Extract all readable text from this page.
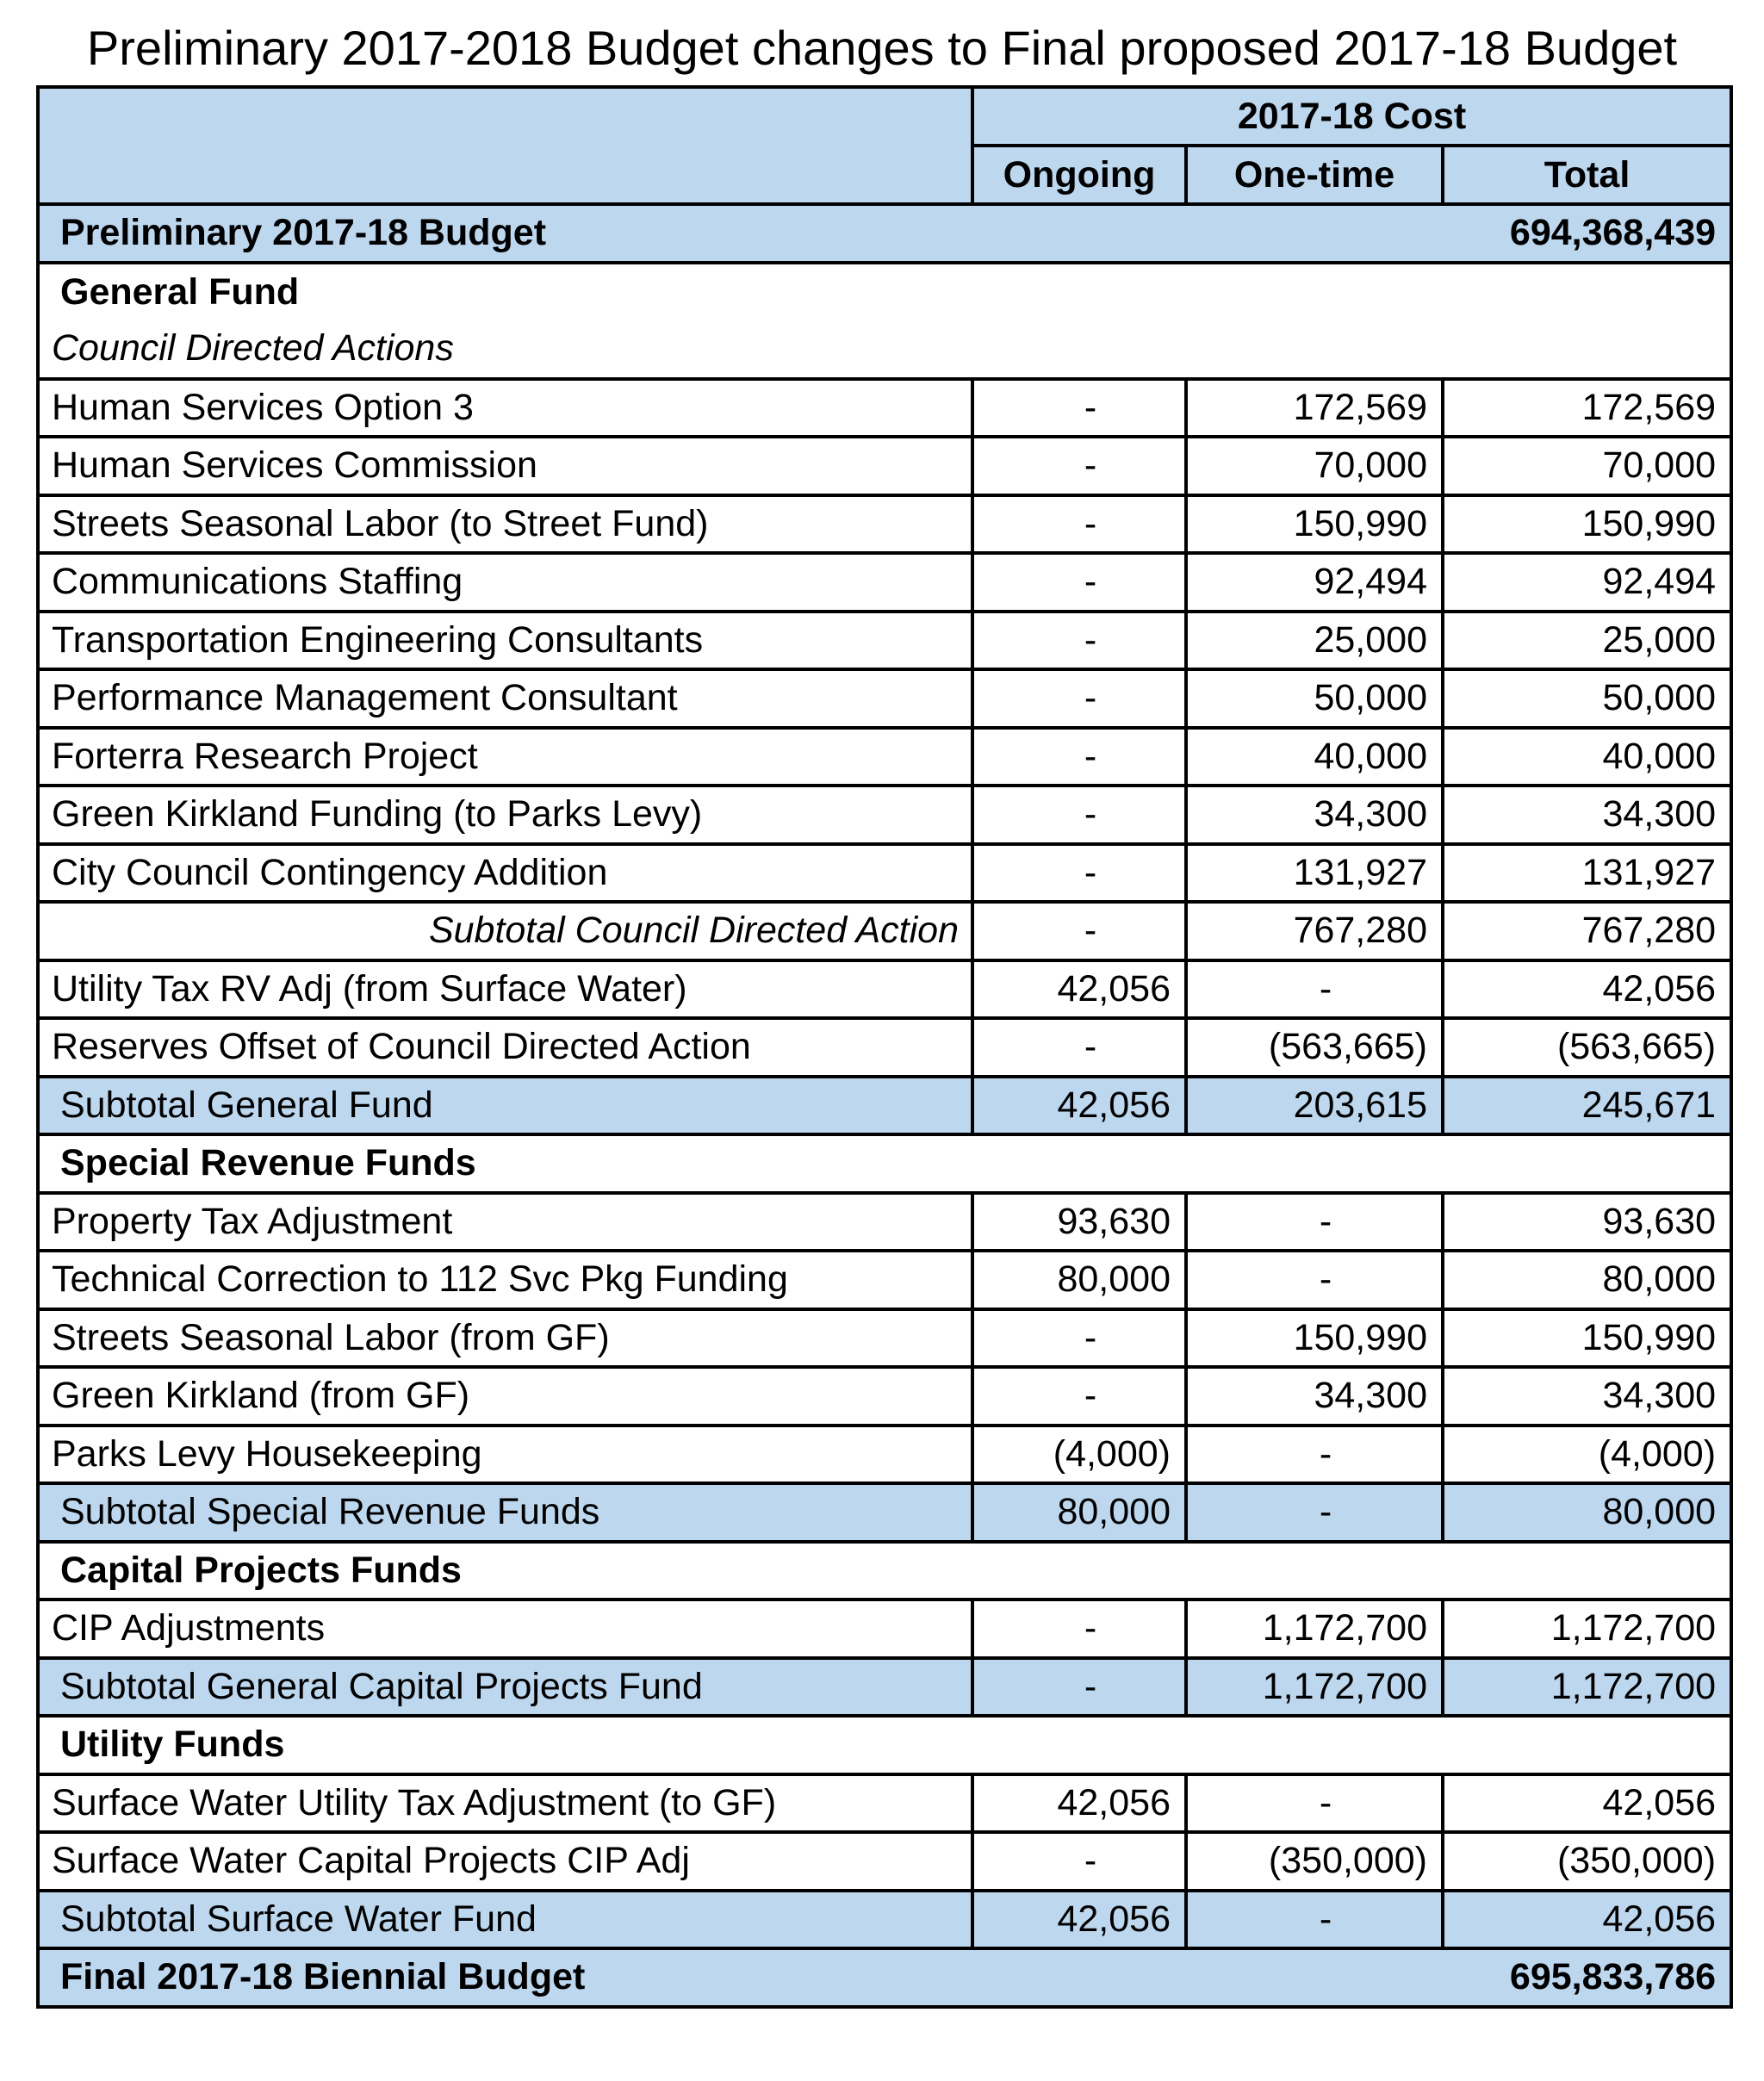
Preliminary 2017-2018 Budget changes to Final proposed 2017-18 Budget
	2017-18 Cost		
	Ongoing	One-time	Total
Preliminary 2017-18 Budget			694,368,439
General Fund			
Council Directed Actions			
Human Services Option 3	-	172,569	172,569
Human Services Commission	-	70,000	70,000
Streets Seasonal Labor (to Street Fund)	-	150,990	150,990
Communications Staffing	-	92,494	92,494
Transportation Engineering Consultants	-	25,000	25,000
Performance Management Consultant	-	50,000	50,000
Forterra Research Project	-	40,000	40,000
Green Kirkland Funding (to Parks Levy)	-	34,300	34,300
City Council Contingency Addition	-	131,927	131,927
Subtotal Council Directed Action	-	767,280	767,280
Utility Tax RV Adj (from Surface Water)	42,056	-	42,056
Reserves Offset of Council Directed Action	-	(563,665)	(563,665)
Subtotal General Fund	42,056	203,615	245,671
Special Revenue Funds			
Property Tax Adjustment	93,630	-	93,630
Technical Correction to 112 Svc Pkg Funding	80,000	-	80,000
Streets Seasonal Labor (from GF)	-	150,990	150,990
Green Kirkland (from GF)	-	34,300	34,300
Parks Levy Housekeeping	(4,000)	-	(4,000)
Subtotal Special Revenue Funds	80,000	-	80,000
Capital Projects Funds			
CIP Adjustments	-	1,172,700	1,172,700
Subtotal General Capital Projects Fund	-	1,172,700	1,172,700
Utility Funds			
Surface Water Utility Tax Adjustment (to GF)	42,056	-	42,056
Surface Water Capital Projects CIP Adj	-	(350,000)	(350,000)
Subtotal Surface Water Fund	42,056	-	42,056
Final 2017-18 Biennial Budget			695,833,786
